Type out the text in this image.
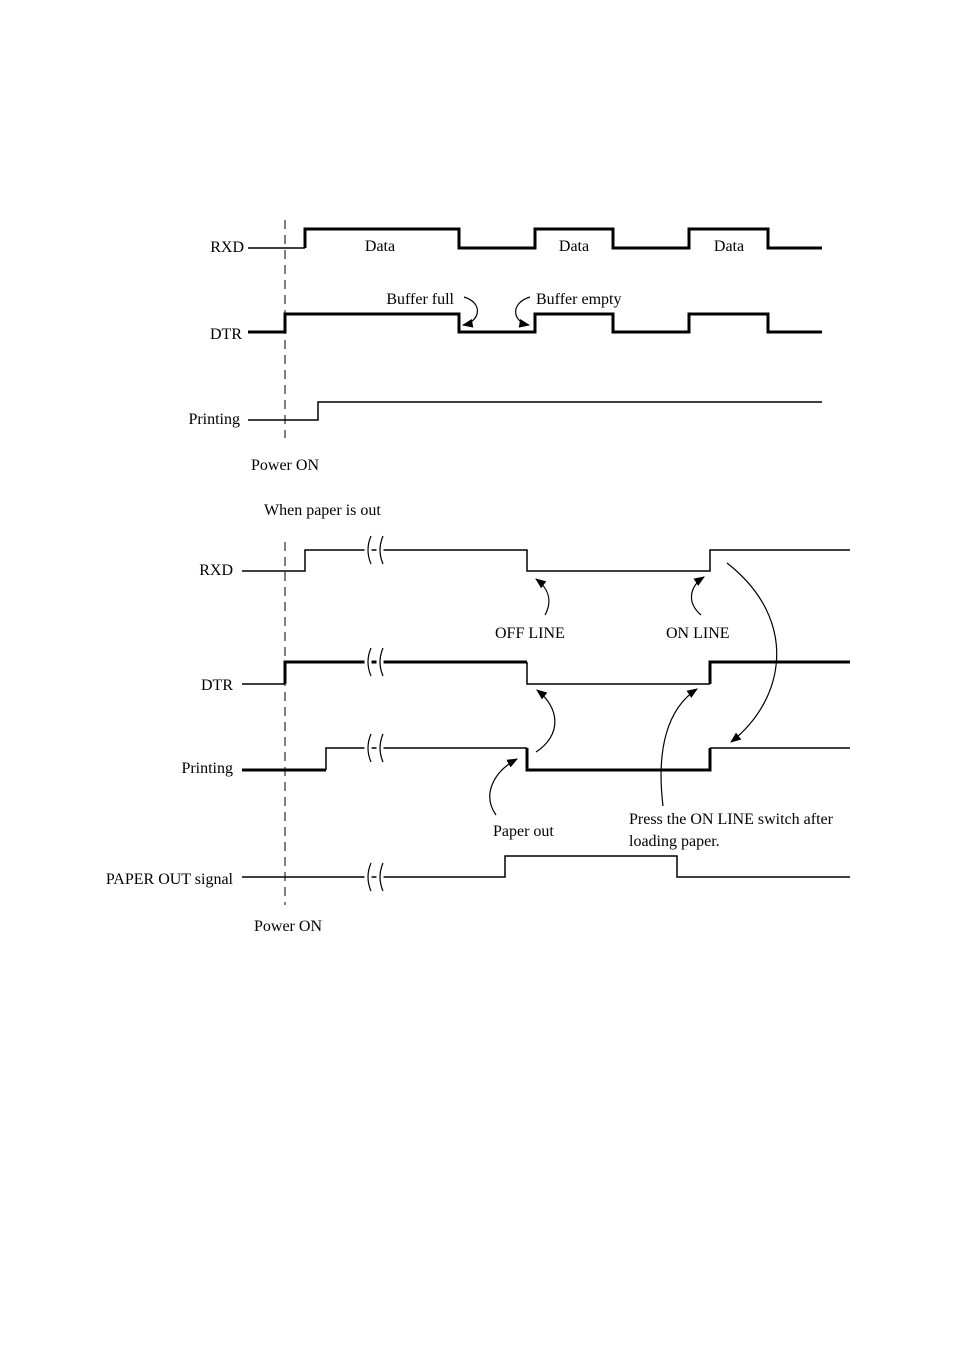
RXD	Data	Data	Data
DTR
Buffer full	Buffer empty
Printing
Power ON
When paper is out
RXD
DTR
Printing
PAPER OUT signal
OFF LINE	ON LINE
Paper out
Press the ON LINE switch after
loading paper.
Power ON
